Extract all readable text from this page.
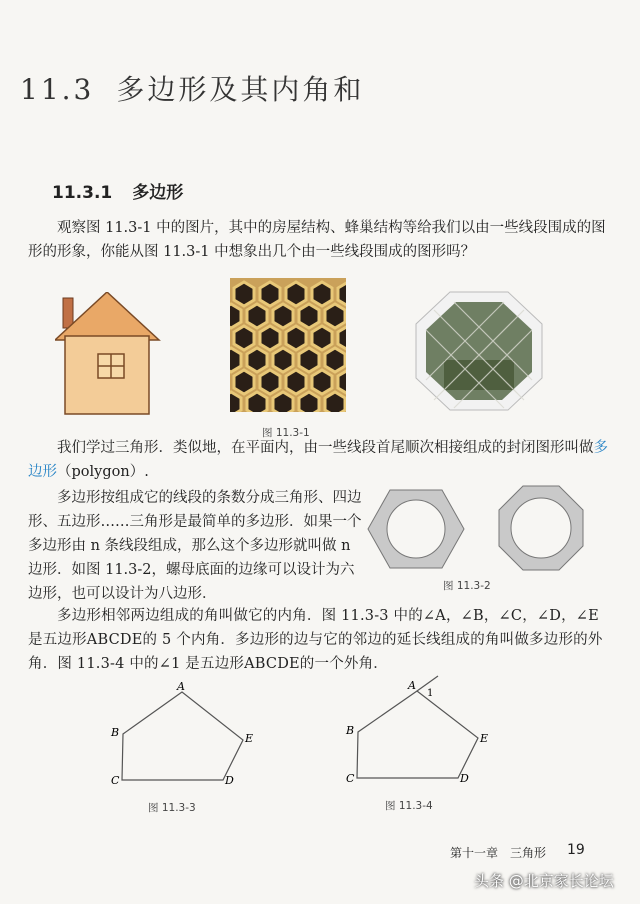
11.3 多边形及其内角和
11.3.1 多边形
观察图 11.3-1 中的图片，其中的房屋结构、蜂巢结构等给我们以由一些线段围成的图形的形象，你能从图 11.3-1 中想象出几个由一些线段围成的图形吗？
图 11.3-1
我们学过三角形．类似地，在平面内，由一些线段首尾顺次相接组成的封闭图形叫做多边形（polygon）.
多边形按组成它的线段的条数分成三角形、四边形、五边形……三角形是最简单的多边形．如果一个多边形由 n 条线段组成，那么这个多边形就叫做 n 边形．如图 11.3-2，螺母底面的边缘可以设计为六边形，也可以设计为八边形．	图 11.3-2
多边形相邻两边组成的角叫做它的内角．图 11.3-3 中的∠A，∠B，∠C，∠D，∠E 是五边形ABCDE的 5 个内角．多边形的边与它的邻边的延长线组成的角叫做多边形的外角．图 11.3-4 中的∠1 是五边形ABCDE的一个外角．
A
B
C	D
E
图 11.3-3
A
1
B
C	D
E
图 11.3-4
第十一章　三角形 19
头条 @北京家长论坛
